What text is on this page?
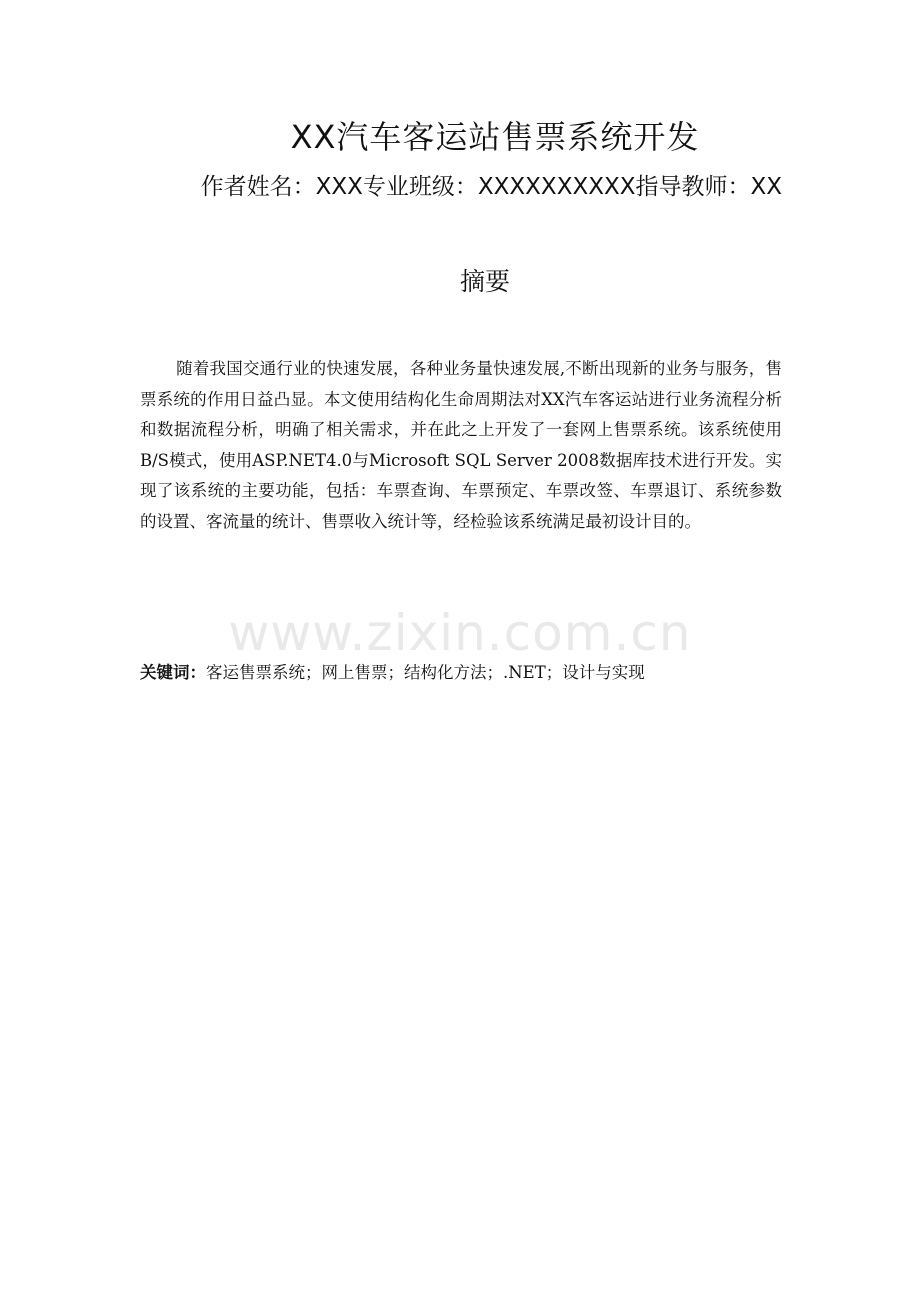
XX汽车客运站售票系统开发
作者姓名：XXX专业班级：XXXXXXXXXX指导教师：XX
摘要
随着我国交通行业的快速发展，各种业务量快速发展,不断出现新的业务与服务，售票系统的作用日益凸显。本文使用结构化生命周期法对XX汽车客运站进行业务流程分析和数据流程分析，明确了相关需求，并在此之上开发了一套网上售票系统。该系统使用B/S模式，使用ASP.NET4.0与Microsoft SQL Server 2008数据库技术进行开发。实现了该系统的主要功能，包括：车票查询、车票预定、车票改签、车票退订、系统参数的设置、客流量的统计、售票收入统计等，经检验该系统满足最初设计目的。
www.zixin.com.cn
关键词：客运售票系统；网上售票；结构化方法；.NET；设计与实现
